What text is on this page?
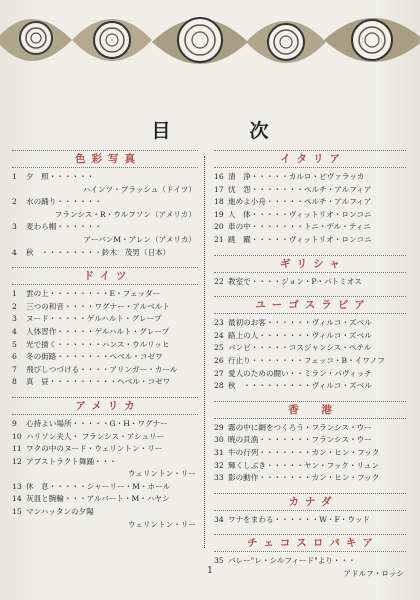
目　次
色彩写真
1 夕　照・・・・・・
ハインツ・ブラッシュ（ドイツ）
2 水の踊り・・・・・・
フランシス・R・ウルフソン（アメリカ）
3 麦わら帽・・・・・・
アーバンM・アレン（アメリカ）
4 秋　・・・・・・・・鈴木　茂男（日本）
ドイツ
1 雲の上・・・・・・・・E・フェッダー
2 三つの和音・・・・ワグナー・アルベルト
3 ヌード・・・・・ゲルハルト・グレープ
4 人体習作・・・・・ゲルハルト・グレープ
5 光で描く・・・・・・ハンス・ウルリッヒ
6 冬の街路・・・・・・・ヘベル・コゼワ
7 飛びしつづける・・・・アリンガー・カール
8 真　昼・・・・・・・・・ヘベル・コゼワ
アメリカ
9 心持よい場所・・・・・G・H・ワグナー
10 ハリソン夫人・ フランシス・アシュリー
11 ワクの中のヌード・ウェリントン・リー
12 アブストラクト舞踊・・・
ウェリントン・リー
13 休　息・・・・・シャーリー・M・ホール
14 灰皿と腕輪・・・アルバート・M・ハヤシ
15 マンハッタンの夕陽
ウェリントン・リー
イタリア
16 清　浄・・・・・カルロ・ピヴァラッカ
17 忧　怨・・・・・・・ペルチ・アルフィア
18 進めよ小舟・・・・・ペルチ・アルフィア
19 人　体・・・・・ヴィットリオ・ロンコニ
20 車の中・・・・・・・トニ・デル・ティニ
21 跳　躍・・・・・ヴィットリオ・ロンコニ
ギリシャ
22 教室で・・・・ジョン・P・パトミオス
ユーゴスラビア
23 最初のお客・・・・・・ヴィルコ・ズベル
24 路上の人・・・・・・・ヴィルコ・ズベル
25 バンビ・・・・・コスジャンシス・ペテル
26 行止り・・・・・・・フェッコ・B・イワノフ
27 愛人のための闘い・・ミラン・パヴィッチ
28 秋　・・・・・・・・・ヴィルコ・ズベル
香　港
29 霧の中に網をつくろう・フランシス・ウー
30 暁の貝漁・・・・・・・フランシス・ウー
31 牛の行列・・・・・・・カン・ヒン・フック
32 輝くしぶき・・・・・ヤン・フック・リュン
33 影の動作・・・・・・・カン・ヒン・フック
カナダ
34 ワナをまわる・・・・・・W・F・ウッド
チェコスロバキア
35 バレー"レ・シルフィード"より・・・
アドルフ・ロッシ
1
